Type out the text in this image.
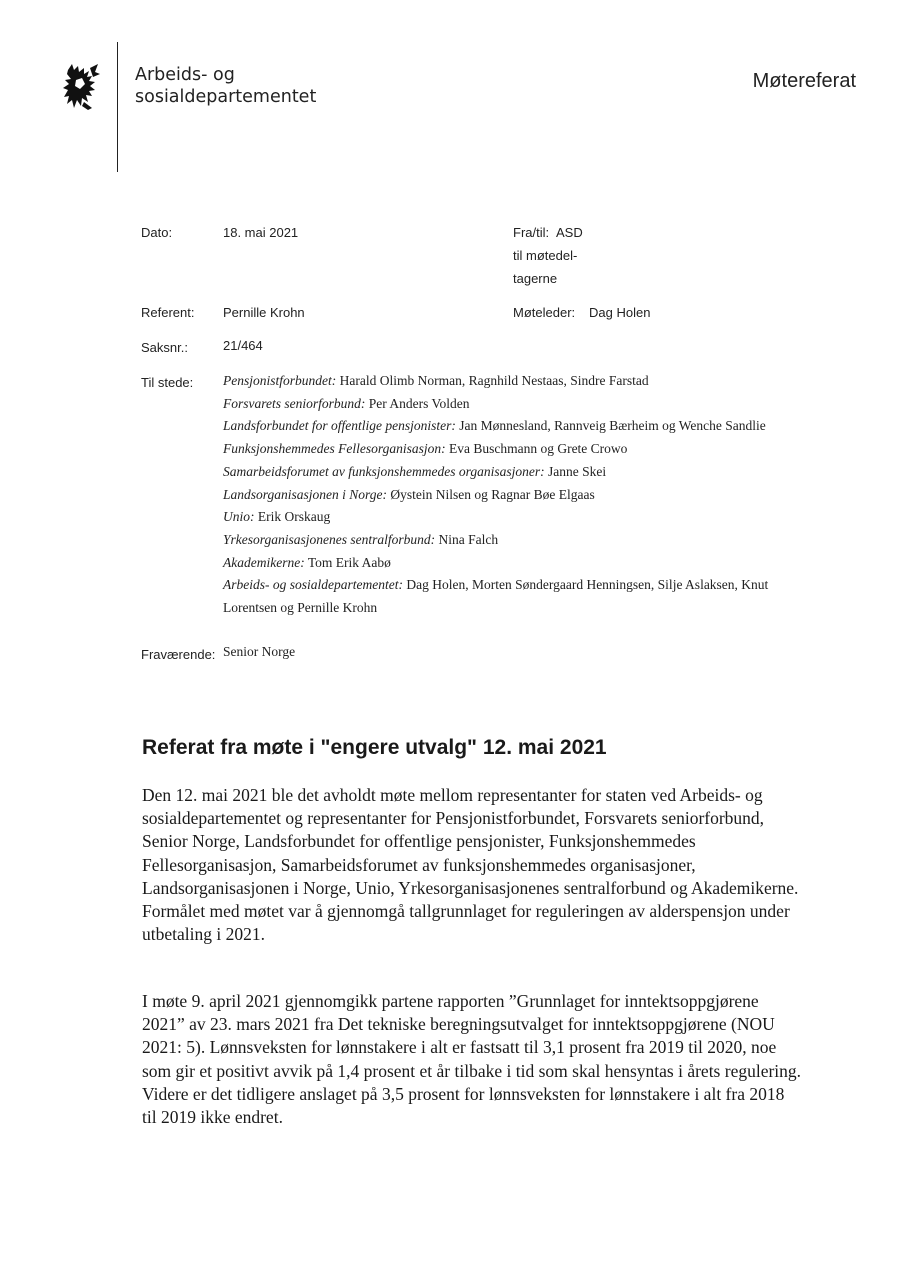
Arbeids- og
sosialdepartementet
Møtereferat
Dato:	18. mai 2021	Fra/til: ASD
til møtedel-
tagerne
Referent: Pernille Krohn	Møteleder: Dag Holen
Saksnr.:	21/464
Til stede: Pensjonistforbundet: Harald Olimb Norman, Ragnhild Nestaas, Sindre Farstad
Forsvarets seniorforbund: Per Anders Volden
Landsforbundet for offentlige pensjonister: Jan Mønnesland, Rannveig Bærheim og Wenche Sandlie
Funksjonshemmedes Fellesorganisasjon: Eva Buschmann og Grete Crowo
Samarbeidsforumet av funksjonshemmedes organisasjoner: Janne Skei
Landsorganisasjonen i Norge: Øystein Nilsen og Ragnar Bøe Elgaas
Unio: Erik Orskaug
Yrkesorganisasjonenes sentralforbund: Nina Falch
Akademikerne: Tom Erik Aabø
Arbeids- og sosialdepartementet: Dag Holen, Morten Søndergaard Henningsen, Silje Aslaksen, Knut Lorentsen og Pernille Krohn
Fraværende: Senior Norge
Referat fra møte i "engere utvalg" 12. mai 2021

Den 12. mai 2021 ble det avholdt møte mellom representanter for staten ved Arbeids- og sosialdepartementet og representanter for Pensjonistforbundet, Forsvarets seniorforbund, Senior Norge, Landsforbundet for offentlige pensjonister, Funksjonshemmedes Fellesorganisasjon, Samarbeidsforumet av funksjonshemmedes organisasjoner, Landsorganisasjonen i Norge, Unio, Yrkesorganisasjonenes sentralforbund og Akademikerne. Formålet med møtet var å gjennomgå tallgrunnlaget for reguleringen av alderspensjon under utbetaling i 2021.

I møte 9. april 2021 gjennomgikk partene rapporten ”Grunnlaget for inntektsoppgjørene 2021” av 23. mars 2021 fra Det tekniske beregningsutvalget for inntektsoppgjørene (NOU 2021: 5). Lønnsveksten for lønnstakere i alt er fastsatt til 3,1 prosent fra 2019 til 2020, noe som gir et positivt avvik på 1,4 prosent et år tilbake i tid som skal hensyntas i årets regulering. Videre er det tidligere anslaget på 3,5 prosent for lønnsveksten for lønnstakere i alt fra 2018 til 2019 ikke endret.
